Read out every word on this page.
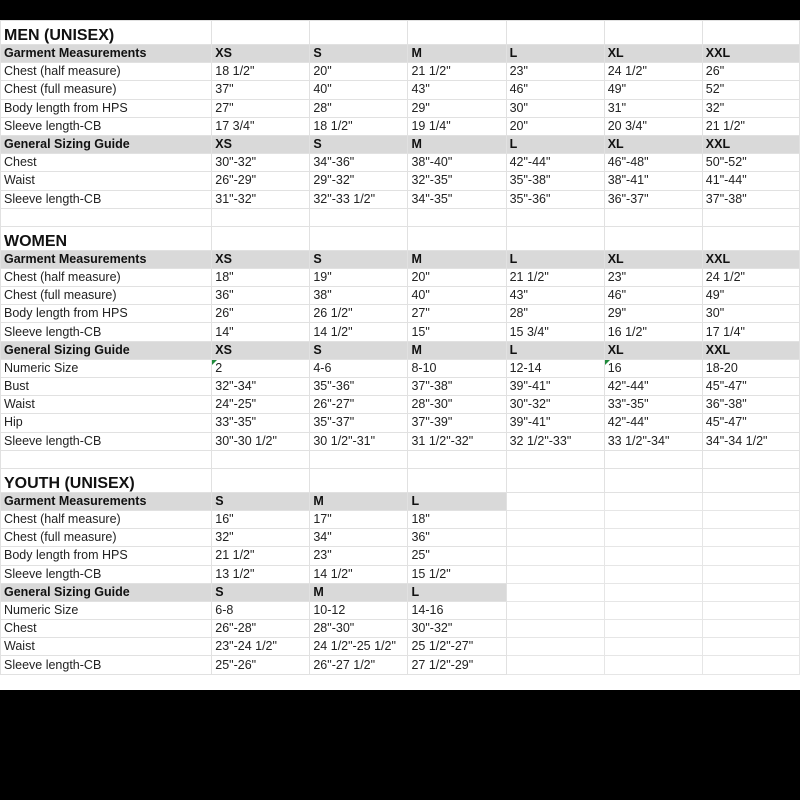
MEN (UNISEX)						
Garment Measurements	XS	S	M	L	XL	XXL
Chest (half measure)	18 1/2"	20"	21 1/2"	23"	24 1/2"	26"
Chest (full measure)	37"	40"	43"	46"	49"	52"
Body length from HPS	27"	28"	29"	30"	31"	32"
Sleeve length-CB	17 3/4"	18 1/2"	19 1/4"	20"	20 3/4"	21 1/2"
General Sizing Guide	XS	S	M	L	XL	XXL
Chest	30"-32"	34"-36"	38"-40"	42"-44"	46"-48"	50"-52"
Waist	26"-29"	29"-32"	32"-35"	35"-38"	38"-41"	41"-44"
Sleeve length-CB	31"-32"	32"-33 1/2"	34"-35"	35"-36"	36"-37"	37"-38"

WOMEN						
Garment Measurements	XS	S	M	L	XL	XXL
Chest (half measure)	18"	19"	20"	21 1/2"	23"	24 1/2"
Chest (full measure)	36"	38"	40"	43"	46"	49"
Body length from HPS	26"	26 1/2"	27"	28"	29"	30"
Sleeve length-CB	14"	14 1/2"	15"	15 3/4"	16 1/2"	17 1/4"
General Sizing Guide	XS	S	M	L	XL	XXL
Numeric Size	2	4-6	8-10	12-14	16	18-20
Bust	32"-34"	35"-36"	37"-38"	39"-41"	42"-44"	45"-47"
Waist	24"-25"	26"-27"	28"-30"	30"-32"	33"-35"	36"-38"
Hip	33"-35"	35"-37"	37"-39"	39"-41"	42"-44"	45"-47"
Sleeve length-CB	30"-30 1/2"	30 1/2"-31"	31 1/2"-32"	32 1/2"-33"	33 1/2"-34"	34"-34 1/2"

YOUTH (UNISEX)						
Garment Measurements	S	M	L			
Chest (half measure)	16"	17"	18"			
Chest (full measure)	32"	34"	36"			
Body length from HPS	21 1/2"	23"	25"			
Sleeve length-CB	13 1/2"	14 1/2"	15 1/2"			
General Sizing Guide	S	M	L			
Numeric Size	6-8	10-12	14-16			
Chest	26"-28"	28"-30"	30"-32"			
Waist	23"-24 1/2"	24 1/2"-25 1/2"	25 1/2"-27"			
Sleeve length-CB	25"-26"	26"-27 1/2"	27 1/2"-29"			
